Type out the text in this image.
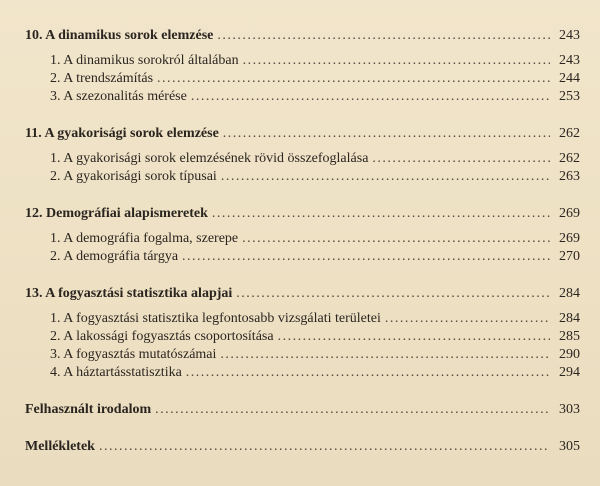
10. A dinamikus sorok elemzése . . .	243
1. A dinamikus sorokról általában . . .	243
2. A trendszámítás . . .	244
3. A szezonalitás mérése . . .	253
11. A gyakorisági sorok elemzése . . .	262
1. A gyakorisági sorok elemzésének rövid összefoglalása . . .	262
2. A gyakorisági sorok típusai . . .	263
12. Demográfiai alapismeretek . . .	269
1. A demográfia fogalma, szerepe . . .	269
2. A demográfia tárgya . . .	270
13. A fogyasztási statisztika alapjai . . .	284
1. A fogyasztási statisztika legfontosabb vizsgálati területei . . .	284
2. A lakossági fogyasztás csoportosítása . . .	285
3. A fogyasztás mutatószámai . . .	290
4. A háztartásstatisztika . . .	294
Felhasznált irodalom . . .	303
Mellékletek . . .	305
